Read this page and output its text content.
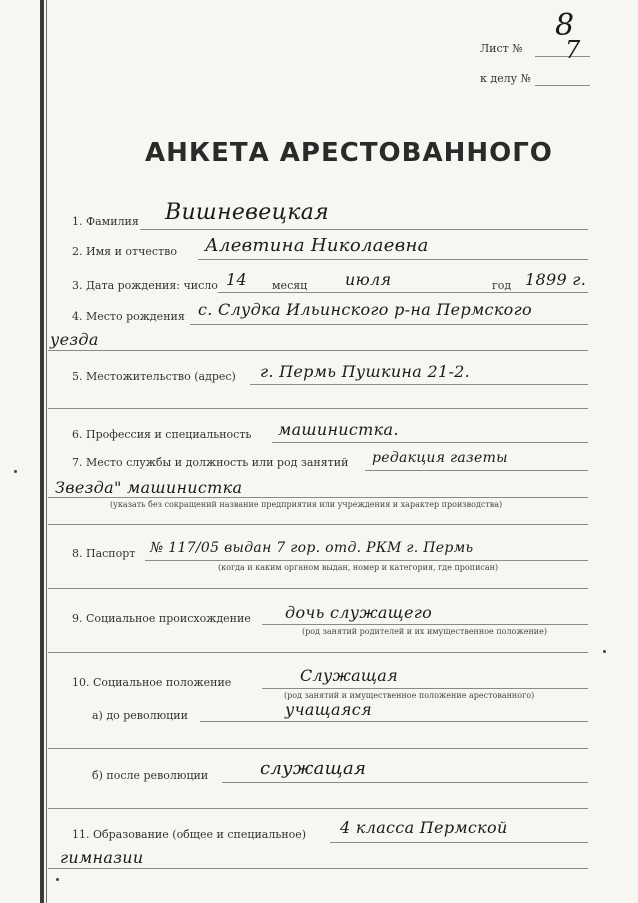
Лист №
8
7
к делу №
АНКЕТА АРЕСТОВАННОГО
1. Фамилия Вишневецкая
2. Имя и отчество Алевтина Николаевна
3. Дата рождения: число 14 месяц июля	год 1899 г.
4. Место рождения с. Слудка Ильинского р-на Пермского
уезда
5. Местожительство (адрес) г. Пермь Пушкина 21-2.
6. Профессия и специальность машинистка.
7. Место службы и должность или род занятий редакция газеты
Звезда" машинистка
(указать без сокращений название предприятия или учреждения и характер производства)
8. Паспорт № 117/05 выдан 7 гор. отд. РКМ г. Пермь
(когда и каким органом выдан, номер и категория, где прописан)
9. Социальное происхождение дочь служащего
(род занятий родителей и их имущественное положение)
10. Социальное положение	Служащая
(род занятий и имущественное положение арестованного)
а) до революции	учащаяся
б) после революции	служащая
11. Образование (общее и специальное) 4 класса Пермской
гимназии
